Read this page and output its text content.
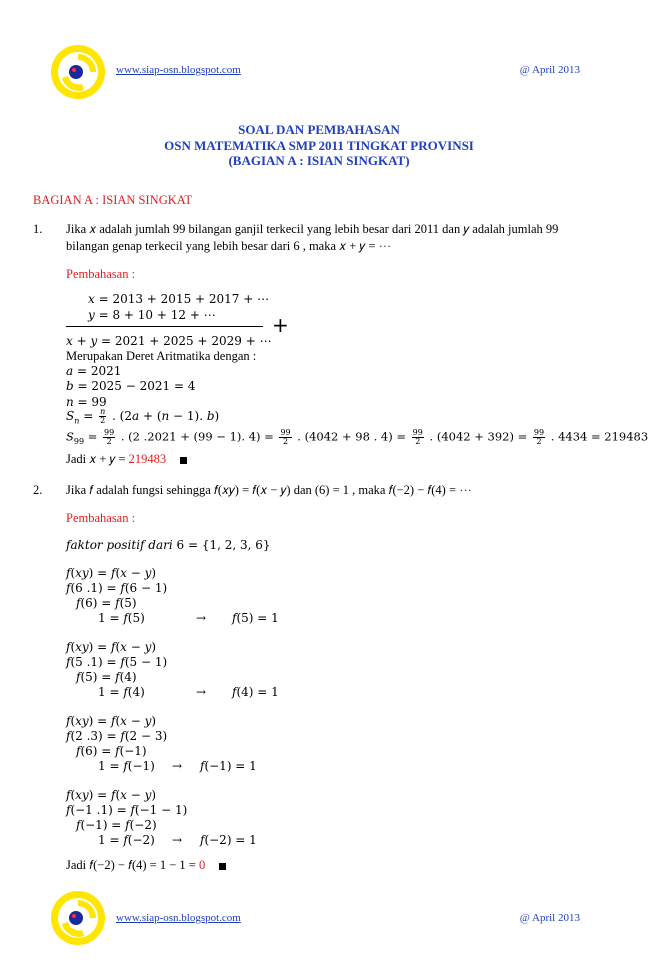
www.siap-osn.blogspot.com	@ April 2013
SOAL DAN PEMBAHASAN
OSN MATEMATIKA SMP 2011 TINGKAT PROVINSI
(BAGIAN A : ISIAN SINGKAT)
BAGIAN A : ISIAN SINGKAT
1. Jika 𝑥 adalah jumlah 99 bilangan ganjil terkecil yang lebih besar dari 2011 dan 𝑦 adalah jumlah 99
bilangan genap terkecil yang lebih besar dari 6 , maka 𝑥 + 𝑦 = ⋯
Pembahasan :
𝑥 = 2013 + 2015 + 2017 + ⋯
𝑦 = 8 + 10 + 12 + ⋯	+
𝑥 + 𝑦 = 2021 + 2025 + 2029 + ⋯
Merupakan Deret Aritmatika dengan :
𝑎 = 2021
𝑏 = 2025 − 2021 = 4
𝑛 = 99
𝑆$_𝑛$ = $\frac{\text{𝑛}}{2}$ . (2𝑎 + (𝑛 − 1). 𝑏)
𝑆$_{99}$ = $\frac{99}{2}$ . (2 .2021 + (99 − 1). $4) = \frac{99}{2}$ . (4042 + 98 . $4) = \frac{99}{2}$ . $(4042 + 392) = \frac{99}{2}$ . 4434 = 219483
Jadi 𝑥 + 𝑦 = 219483
2. Jika 𝑓 adalah fungsi sehingga 𝑓(𝑥𝑦) = 𝑓(𝑥 − 𝑦) dan (6) = 1 , maka 𝑓(−2) − 𝑓(4) = ⋯
Pembahasan :
𝑓𝑎𝑘𝑡𝑜𝑟 𝑝𝑜𝑠𝑖𝑡𝑖𝑓 𝑑𝑎𝑟𝑖 6 = {1, 2, 3, 6}
𝑓(𝑥𝑦) = 𝑓(𝑥 − 𝑦)
𝑓(6 .1) = 𝑓(6 − 1)
𝑓(6) = 𝑓(5)
1 = 𝑓(5)	→ 𝑓(5) = 1
𝑓(𝑥𝑦) = 𝑓(𝑥 − 𝑦)
𝑓(5 .1) = 𝑓(5 − 1)
𝑓(5) = 𝑓(4)
1 = 𝑓(4)	→ 𝑓(4) = 1
𝑓(𝑥𝑦) = 𝑓(𝑥 − 𝑦)
𝑓(2 .3) = 𝑓(2 − 3)
𝑓(6) = 𝑓(−1)
1 = 𝑓(−1) → 𝑓(−1) = 1
𝑓(𝑥𝑦) = 𝑓(𝑥 − 𝑦)
𝑓(−1 .1) = 𝑓(−1 − 1)
𝑓(−1) = 𝑓(−2)
1 = 𝑓(−2) → 𝑓(−2) = 1
Jadi 𝑓(−2) − 𝑓(4) = 1 − 1 = 0
www.siap-osn.blogspot.com	@ April 2013
